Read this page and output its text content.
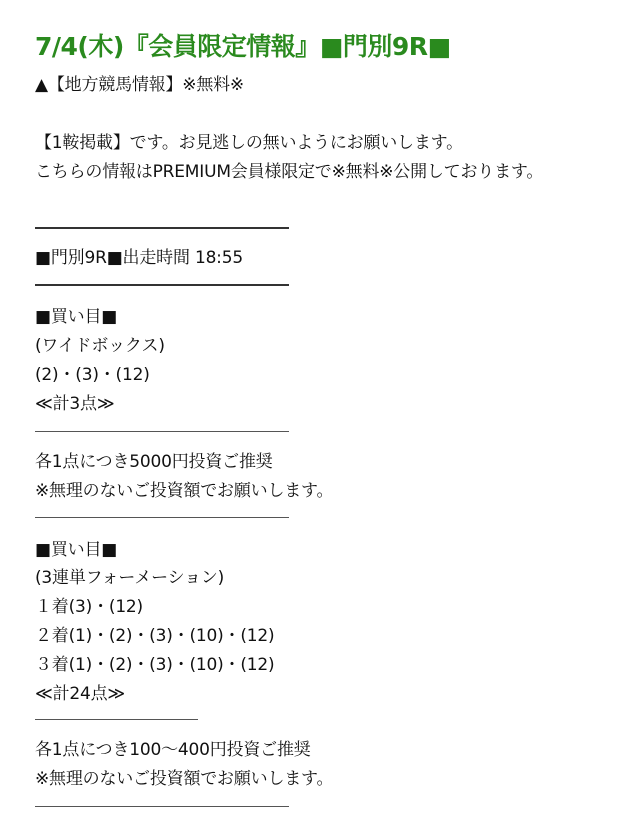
7/4(木)『会員限定情報』■門別9R■
▲【地方競馬情報】※無料※
【1鞍掲載】です。お見逃しの無いようにお願いします。
こちらの情報はPREMIUM会員様限定で※無料※公開しております。
■門別9R■出走時間 18:55
■買い目■
(ワイドボックス)
(2)・(3)・(12)
≪計3点≫
各1点につき5000円投資ご推奨
※無理のないご投資額でお願いします。
■買い目■
(3連単フォーメーション)
１着(3)・(12)
２着(1)・(2)・(3)・(10)・(12)
３着(1)・(2)・(3)・(10)・(12)
≪計24点≫
各1点につき100～400円投資ご推奨
※無理のないご投資額でお願いします。
